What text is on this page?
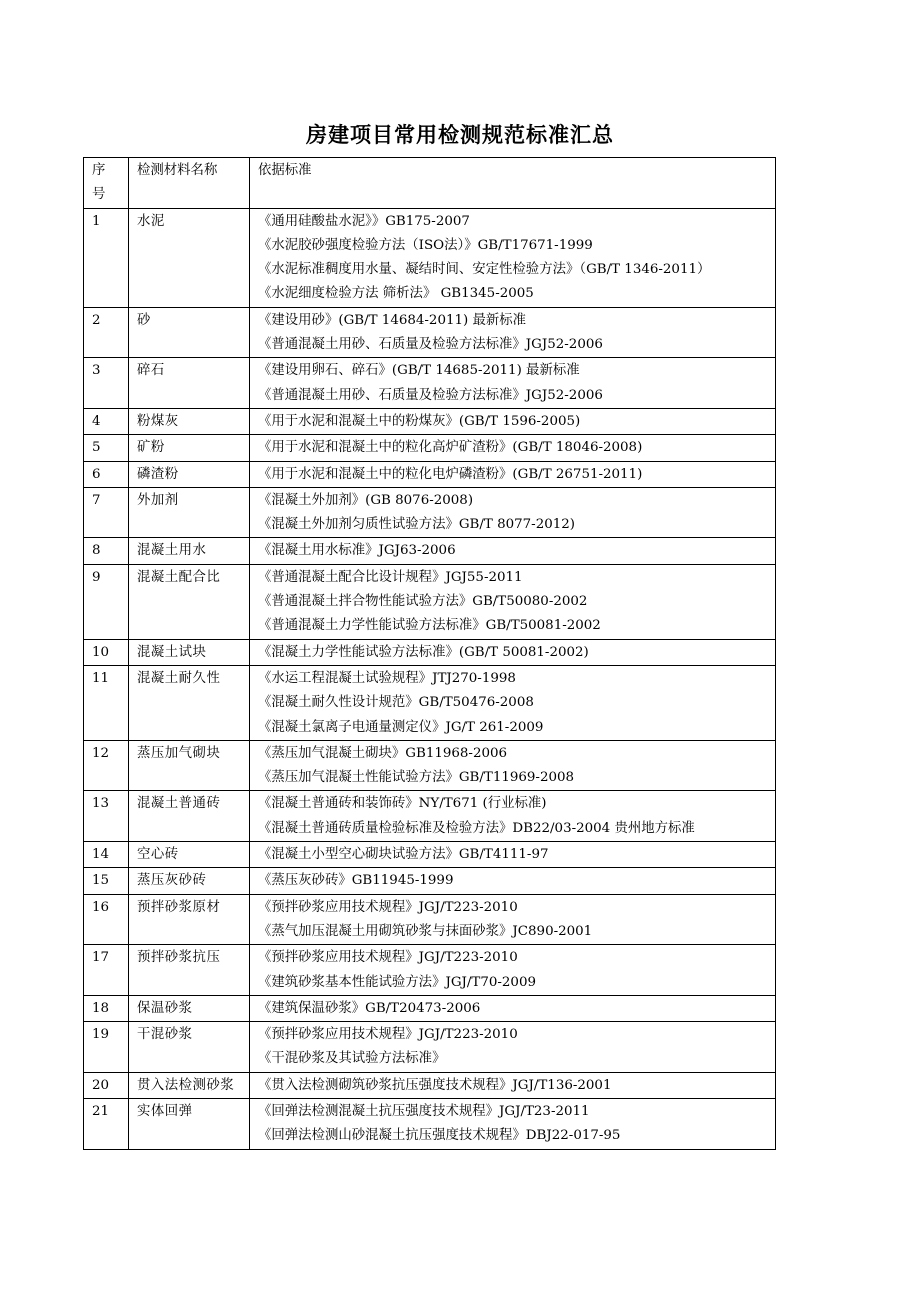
房建项目常用检测规范标准汇总
序号	检测材料名称	依据标准
1	水泥	《通用硅酸盐水泥》》GB175-2007
《水泥胶砂强度检验方法（ISO法）》GB/T17671-1999
《水泥标准稠度用水量、凝结时间、安定性检验方法》（GB/T 1346-2011）
《水泥细度检验方法 筛析法》 GB1345-2005

2	砂	《建设用砂》(GB/T 14684-2011) 最新标准
《普通混凝土用砂、石质量及检验方法标准》JGJ52-2006

3	碎石	《建设用卵石、碎石》(GB/T 14685-2011) 最新标准
《普通混凝土用砂、石质量及检验方法标准》JGJ52-2006

4	粉煤灰	《用于水泥和混凝土中的粉煤灰》(GB/T 1596-2005)

5	矿粉	《用于水泥和混凝土中的粒化高炉矿渣粉》(GB/T 18046-2008)

6	磷渣粉	《用于水泥和混凝土中的粒化电炉磷渣粉》(GB/T 26751-2011)

7	外加剂	《混凝土外加剂》(GB 8076-2008)
《混凝土外加剂匀质性试验方法》GB/T 8077-2012)

8	混凝土用水	《混凝土用水标准》JGJ63-2006

9	混凝土配合比	《普通混凝土配合比设计规程》JGJ55-2011
《普通混凝土拌合物性能试验方法》GB/T50080-2002
《普通混凝土力学性能试验方法标准》GB/T50081-2002

10	混凝土试块	《混凝土力学性能试验方法标准》(GB/T 50081-2002)

11	混凝土耐久性	《水运工程混凝土试验规程》JTJ270-1998
《混凝土耐久性设计规范》GB/T50476-2008
《混凝土氯离子电通量测定仪》JG/T 261-2009

12	蒸压加气砌块	《蒸压加气混凝土砌块》GB11968-2006
《蒸压加气混凝土性能试验方法》GB/T11969-2008

13	混凝土普通砖	《混凝土普通砖和装饰砖》NY/T671 (行业标准)
《混凝土普通砖质量检验标准及检验方法》DB22/03-2004 贵州地方标准

14	空心砖	《混凝土小型空心砌块试验方法》GB/T4111-97

15	蒸压灰砂砖	《蒸压灰砂砖》GB11945-1999

16	预拌砂浆原材	《预拌砂浆应用技术规程》JGJ/T223-2010
《蒸气加压混凝土用砌筑砂浆与抹面砂浆》JC890-2001

17	预拌砂浆抗压	《预拌砂浆应用技术规程》JGJ/T223-2010
《建筑砂浆基本性能试验方法》JGJ/T70-2009

18	保温砂浆	《建筑保温砂浆》GB/T20473-2006

19	干混砂浆	《预拌砂浆应用技术规程》JGJ/T223-2010
《干混砂浆及其试验方法标准》

20	贯入法检测砂浆	《贯入法检测砌筑砂浆抗压强度技术规程》JGJ/T136-2001

21	实体回弹	《回弹法检测混凝土抗压强度技术规程》JGJ/T23-2011
《回弹法检测山砂混凝土抗压强度技术规程》DBJ22-017-95
